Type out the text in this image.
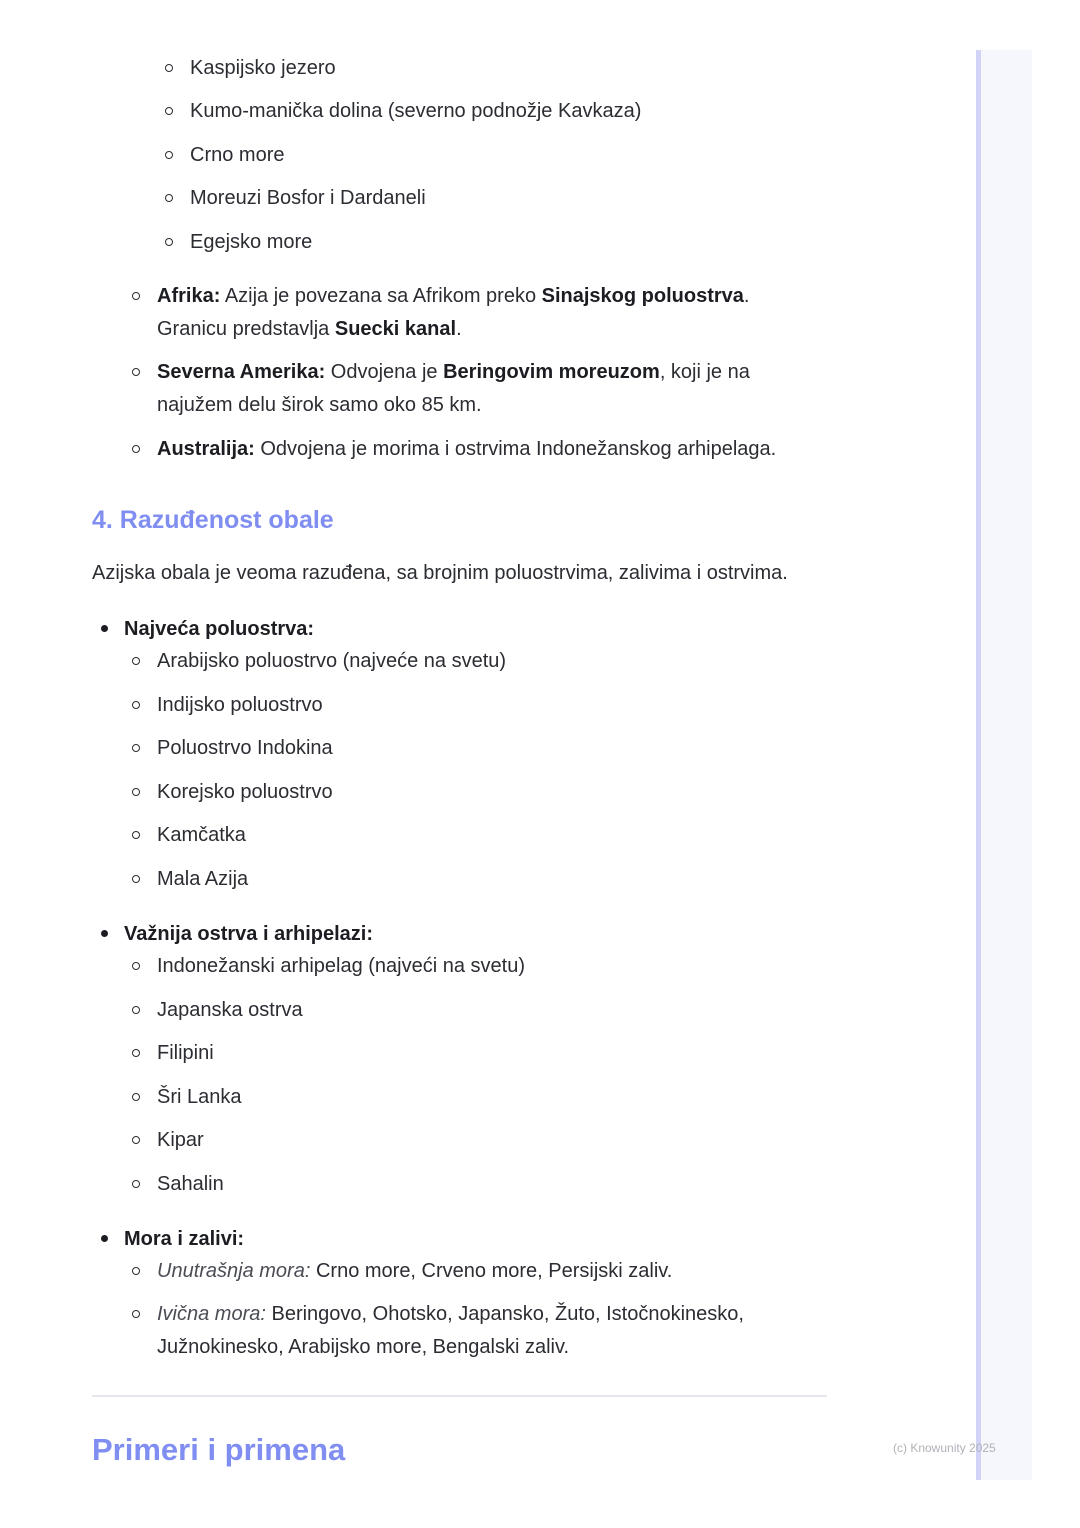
Kaspijsko jezero
Kumo-manička dolina (severno podnožje Kavkaza)
Crno more
Moreuzi Bosfor i Dardaneli
Egejsko more
Afrika: Azija je povezana sa Afrikom preko Sinajskog poluostrva.
Granicu predstavlja Suecki kanal.
Severna Amerika: Odvojena je Beringovim moreuzom, koji je na
najužem delu širok samo oko 85 km.
Australija: Odvojena je morima i ostrvima Indonežanskog arhipelaga.
4. Razuđenost obale
Azijska obala je veoma razuđena, sa brojnim poluostrvima, zalivima i ostrvima.
Najveća poluostrva:
Arabijsko poluostrvo (najveće na svetu)
Indijsko poluostrvo
Poluostrvo Indokina
Korejsko poluostrvo
Kamčatka
Mala Azija
Važnija ostrva i arhipelazi:
Indonežanski arhipelag (najveći na svetu)
Japanska ostrva
Filipini
Šri Lanka
Kipar
Sahalin
Mora i zalivi:
Unutrašnja mora: Crno more, Crveno more, Persijski zaliv.
Ivična mora: Beringovo, Ohotsko, Japansko, Žuto, Istočnokinesko,
Južnokinesko, Arabijsko more, Bengalski zaliv.
Primeri i primena	(c) Knowunity 2025
